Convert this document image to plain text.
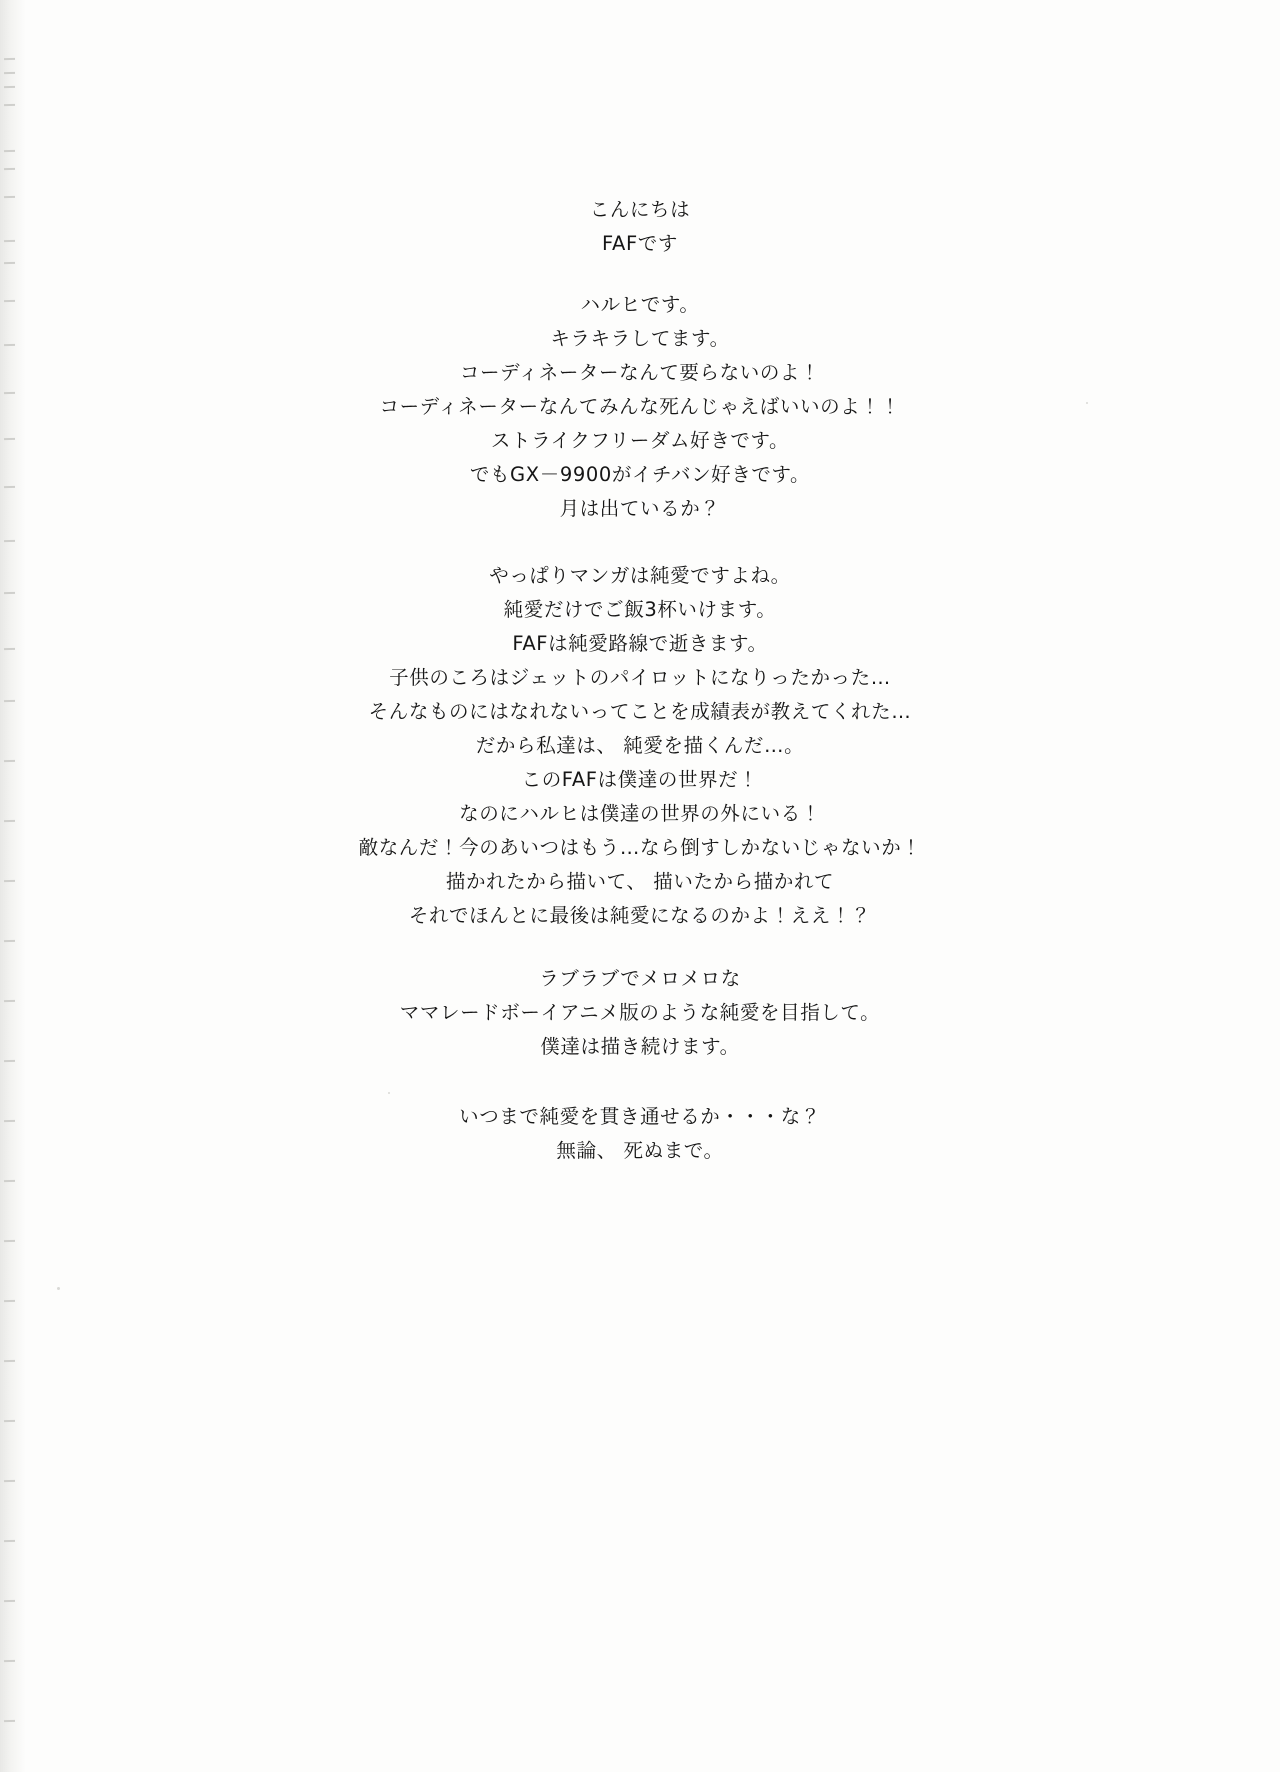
こんにちは
FAFです
ハルヒです。
キラキラしてます。
コーディネーターなんて要らないのよ！
コーディネーターなんてみんな死んじゃえばいいのよ！！
ストライクフリーダム好きです。
でもGX－9900がイチバン好きです。
月は出ているか？
やっぱりマンガは純愛ですよね。
純愛だけでご飯3杯いけます。
FAFは純愛路線で逝きます。
子供のころはジェットのパイロットになりったかった…
そんなものにはなれないってことを成績表が教えてくれた…
だから私達は、 純愛を描くんだ…。
このFAFは僕達の世界だ！
なのにハルヒは僕達の世界の外にいる！
敵なんだ！今のあいつはもう…なら倒すしかないじゃないか！
描かれたから描いて、 描いたから描かれて
それでほんとに最後は純愛になるのかよ！ええ！？
ラブラブでメロメロな
ママレードボーイアニメ版のような純愛を目指して。
僕達は描き続けます。
いつまで純愛を貫き通せるか・・・な？
無論、 死ぬまで。
